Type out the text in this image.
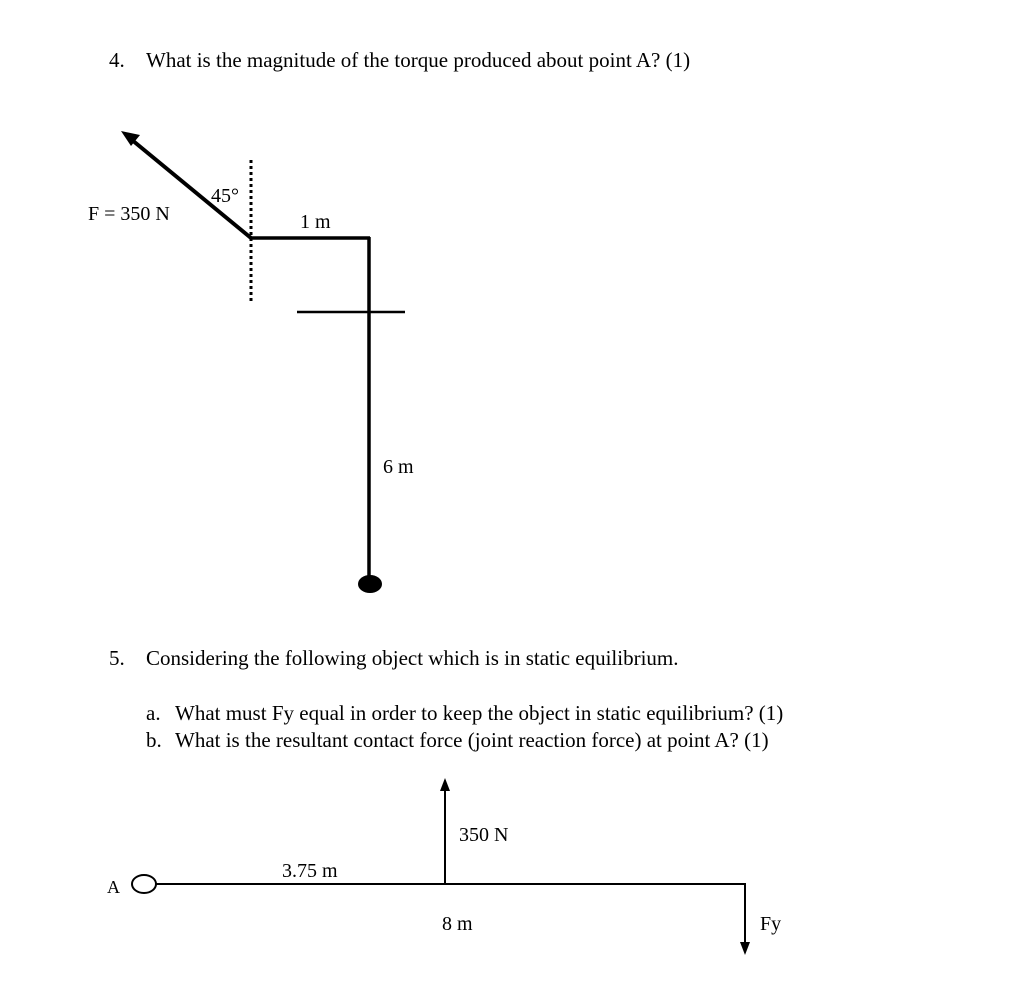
4. What is the magnitude of the torque produced about point A? (1)
F = 350 N
45°
1 m
6 m
5. Considering the following object which is in static equilibrium.
a. What must Fy equal in order to keep the object in static equilibrium? (1)
b. What is the resultant contact force (joint reaction force) at point A? (1)
A
3.75 m
350 N
8 m	Fy
